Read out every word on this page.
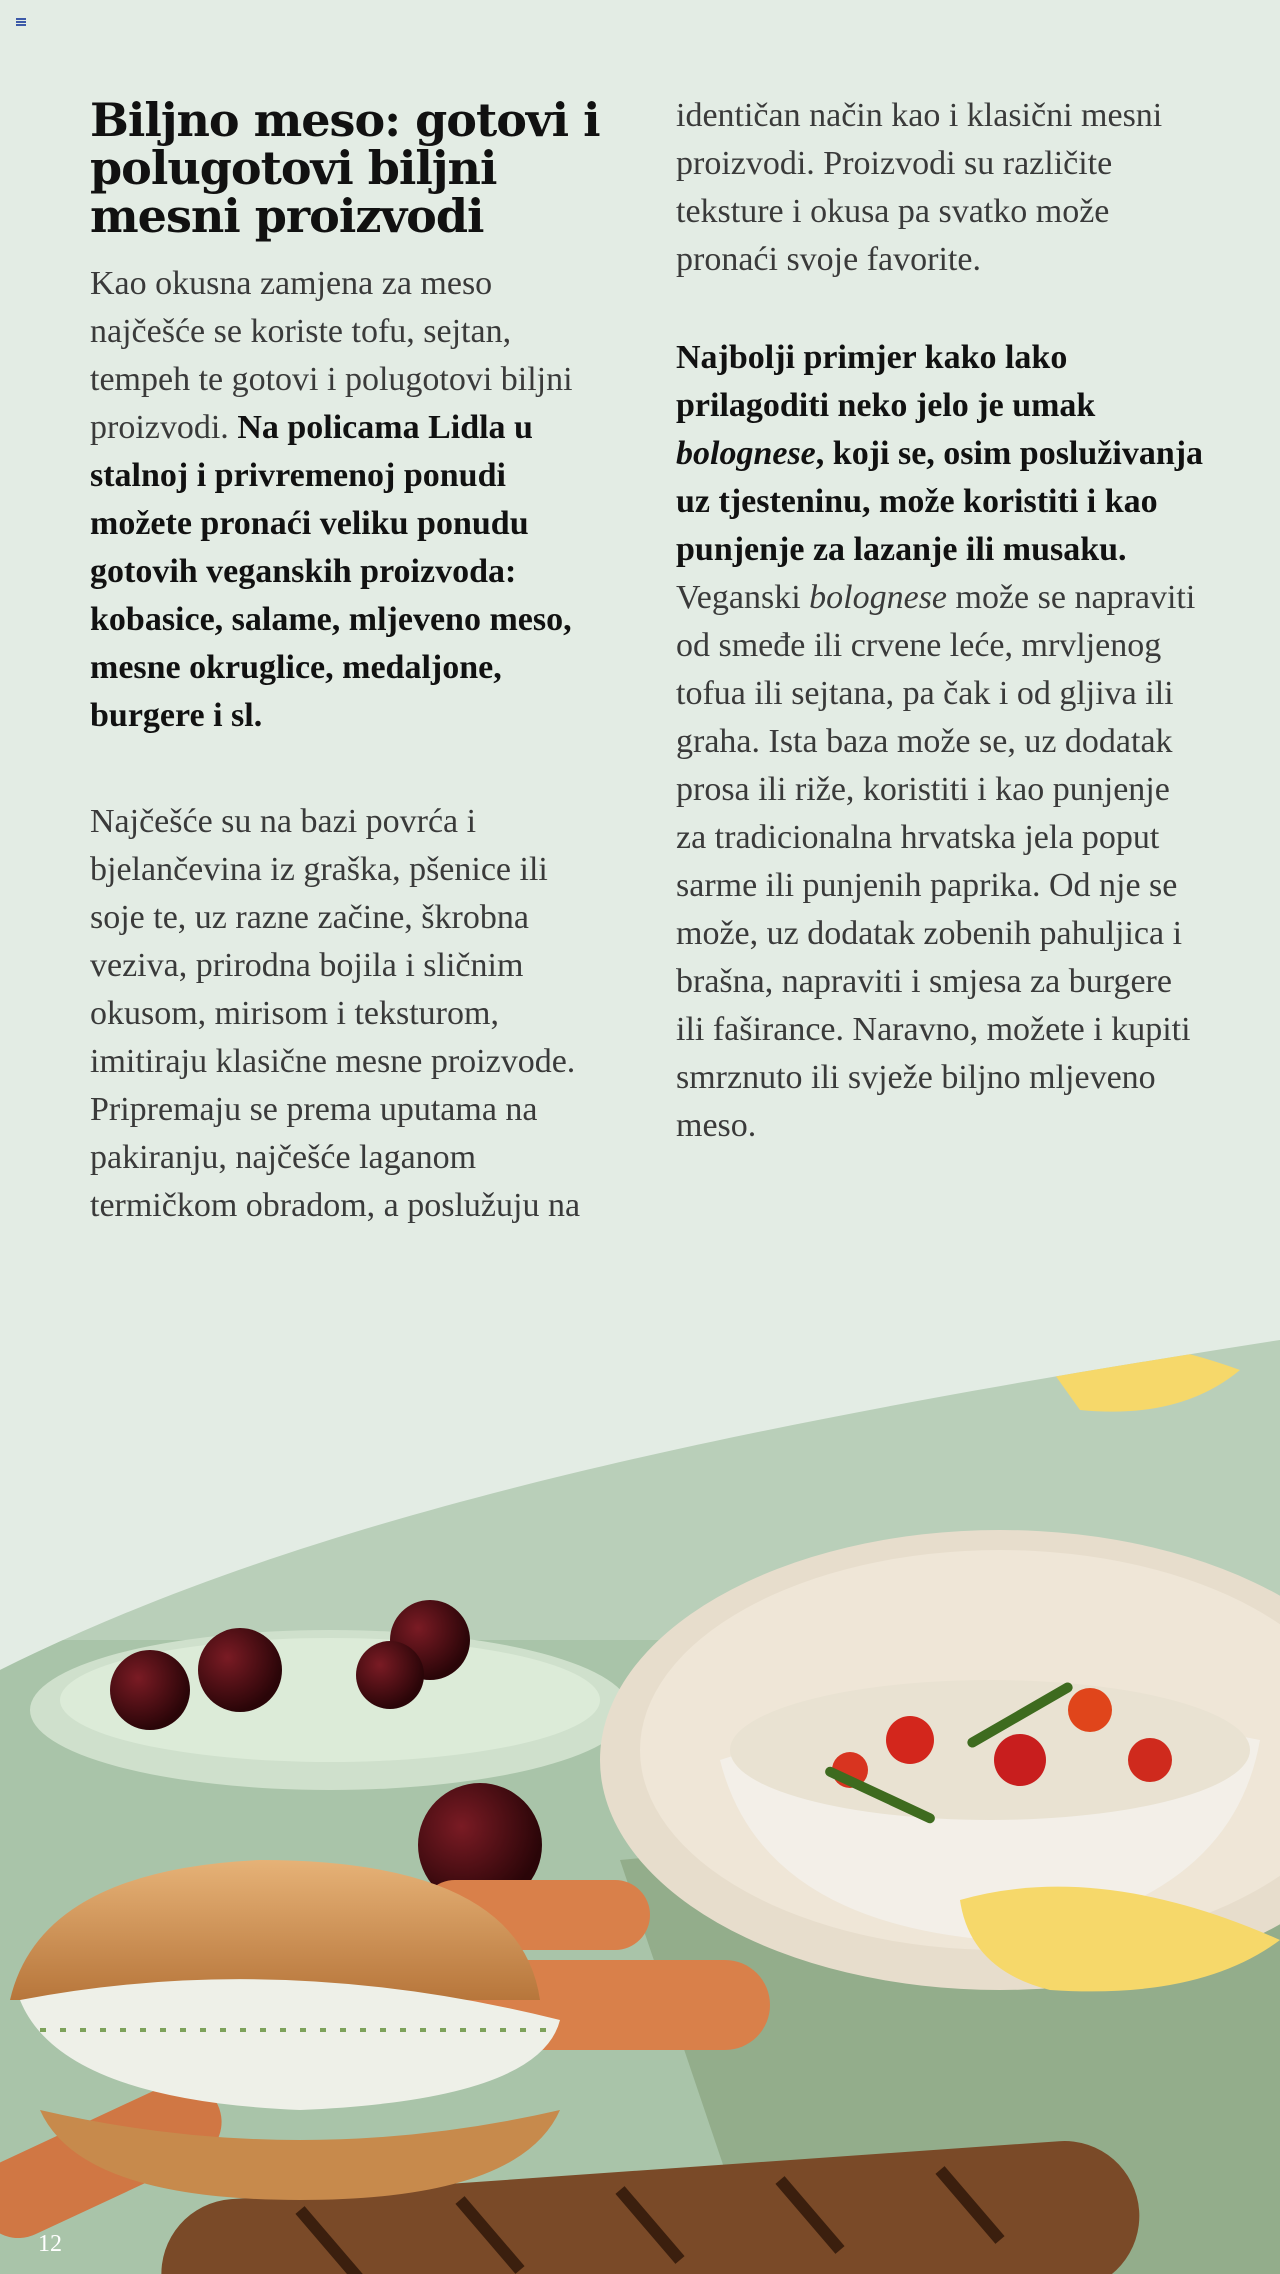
Biljno meso: gotovi i polugotovi biljni mesni proizvodi

Kao okusna zamjena za meso najčešće se koriste tofu, sejtan, tempeh te gotovi i polugotovi biljni proizvodi. Na policama Lidla u stalnoj i privremenoj ponudi možete pronaći veliku ponudu gotovih veganskih proizvoda: kobasice, salame, mljeveno meso, mesne okruglice, medaljone, burgere i sl.

Najčešće su na bazi povrća i bjelančevina iz graška, pšenice ili soje te, uz razne začine, škrobna veziva, prirodna bojila i sličnim okusom, mirisom i teksturom, imitiraju klasične mesne proizvode. Pripremaju se prema uputama na pakiranju, najčešće laganom termičkom obradom, a poslužuju na

identičan način kao i klasični mesni proizvodi. Proizvodi su različite teksture i okusa pa svatko može pronaći svoje favorite.

Najbolji primjer kako lako prilagoditi neko jelo je umak bolognese, koji se, osim posluživanja uz tjesteninu, može koristiti i kao punjenje za lazanje ili musaku. Veganski bolognese može se napraviti od smeđe ili crvene leće, mrvljenog tofua ili sejtana, pa čak i od gljiva ili graha. Ista baza može se, uz dodatak prosa ili riže, koristiti i kao punjenje za tradicionalna hrvatska jela poput sarme ili punjenih paprika. Od nje se može, uz dodatak zobenih pahuljica i brašna, napraviti i smjesa za burgere ili faširance. Naravno, možete i kupiti smrznuto ili svježe biljno mljeveno meso.

12
